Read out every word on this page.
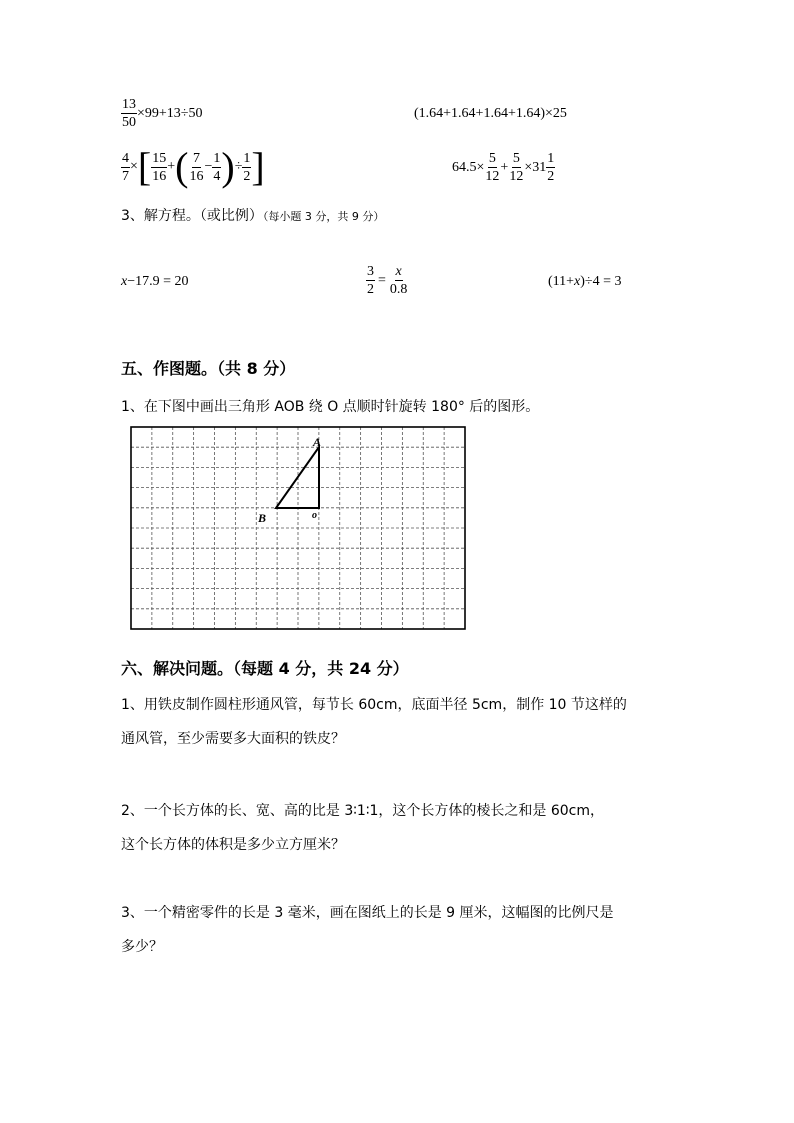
$\frac{13}{50} \times 99+13\div 50$	(1.64+1.64+1.64+1.64)×25
$\frac{4}{7}$ × [ $\frac{15}{16}$ + ( $\frac{7}{16} - \frac{1}{4}$ ) ÷ $\frac{1}{2}$ ]	$64.5\times \frac{5}{12} + \frac{5}{12} \times 31 \frac{1}{2}$
3、解方程。（或比例）（每小题 3 分，共 9 分）
x−17.9 = 20	$\frac{3}{2} = \frac{x}{0.8}$	(11+x)÷4 = 3
五、作图题。（共 8 分）
1、在下图中画出三角形 AOB 绕 O 点顺时针旋转 180° 后的图形。
A
B	o
六、解决问题。（每题 4 分，共 24 分）
1、用铁皮制作圆柱形通风管，每节长 60cm，底面半径 5cm，制作 10 节这样的
通风管，至少需要多大面积的铁皮？
2、一个长方体的长、宽、高的比是 3∶1∶1，这个长方体的棱长之和是 60cm，
这个长方体的体积是多少立方厘米？
3、一个精密零件的长是 3 毫米，画在图纸上的长是 9 厘米，这幅图的比例尺是
多少？
